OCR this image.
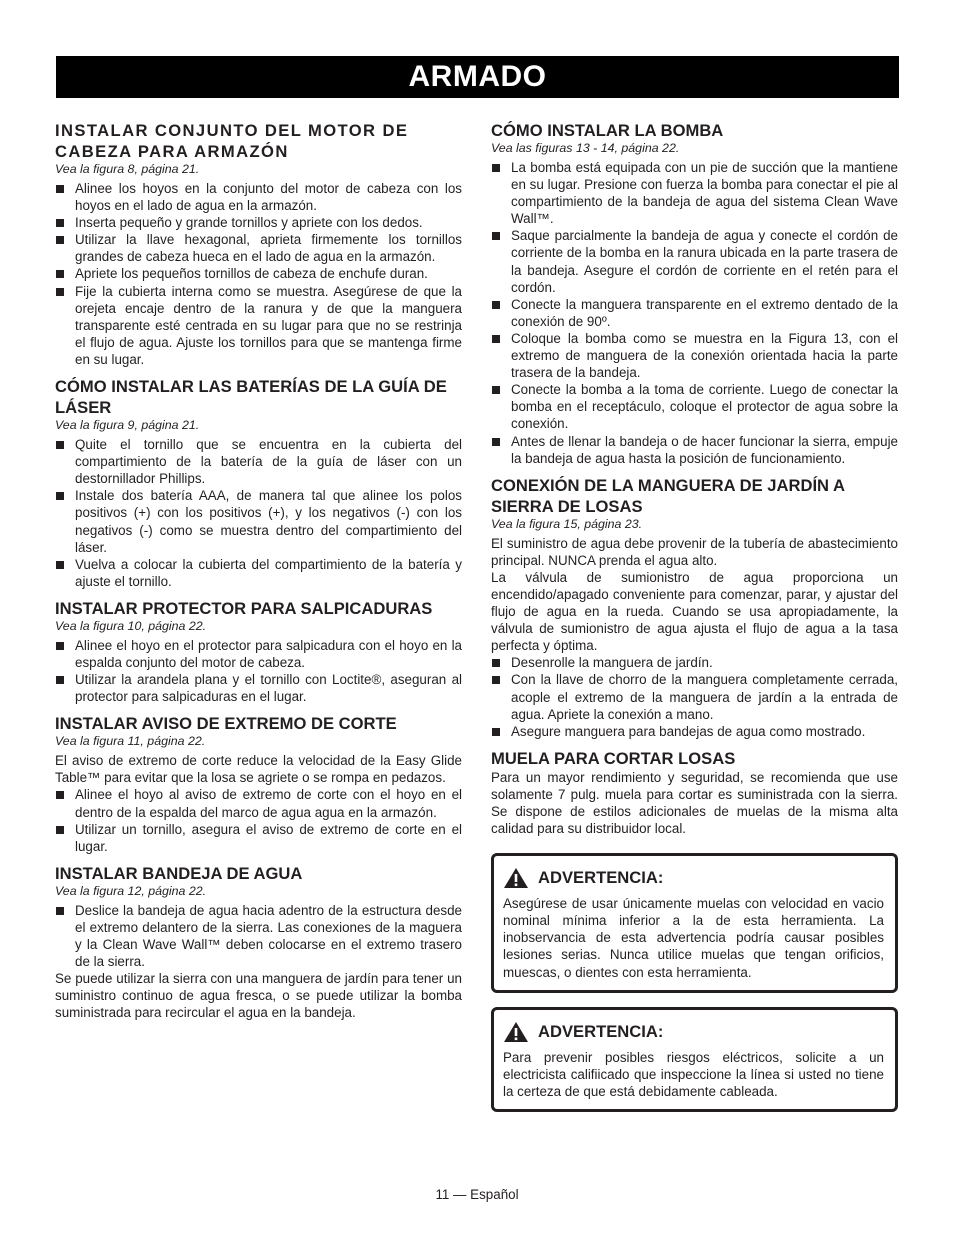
ARMADO
INSTALAR CONJUNTO DEL MOTOR DE CABEZA PARA ARMAZÓN
Vea la figura 8, página 21.
Alinee los hoyos en la conjunto del motor de cabeza con los hoyos en el lado de agua en la armazón.
Inserta pequeño y grande tornillos y apriete con los dedos.
Utilizar la llave hexagonal, aprieta firmemente los tornillos grandes de cabeza hueca en el lado de agua en la armazón.
Apriete los pequeños tornillos de cabeza de enchufe duran.
Fije la cubierta interna como se muestra. Asegúrese de que la orejeta encaje dentro de la ranura y de que la manguera transparente esté centrada en su lugar para que no se restrinja el flujo de agua. Ajuste los tornillos para que se mantenga firme en su lugar.
CÓMO INSTALAR LAS BATERÍAS DE LA GUÍA DE LÁSER
Vea la figura 9, página 21.
Quite el tornillo que se encuentra en la cubierta del compartimiento de la batería de la guía de láser con un destornillador Phillips.
Instale dos batería AAA, de manera tal que alinee los polos positivos (+) con los positivos (+), y los negativos (-) con los negativos (-) como se muestra dentro del compartimiento del láser.
Vuelva a colocar la cubierta del compartimiento de la batería y ajuste el tornillo.
INSTALAR PROTECTOR PARA SALPICADURAS
Vea la figura 10, página 22.
Alinee el hoyo en el protector para salpicadura con el hoyo en la espalda conjunto del motor de cabeza.
Utilizar la arandela plana y el tornillo con Loctite®, aseguran al protector para salpicaduras en el lugar.
INSTALAR AVISO DE EXTREMO DE CORTE
Vea la figura 11, página 22.

El aviso de extremo de corte reduce la velocidad de la Easy Glide Table™ para evitar que la losa se agriete o se rompa en pedazos.

Alinee el hoyo al aviso de extremo de corte con el hoyo en el dentro de la espalda del marco de agua agua en la armazón.
Utilizar un tornillo, asegura el aviso de extremo de corte en el lugar.
INSTALAR BANDEJA DE AGUA
Vea la figura 12, página 22.
Deslice la bandeja de agua hacia adentro de la estructura desde el extremo delantero de la sierra. Las conexiones de la maguera y la Clean Wave Wall™ deben colocarse en el extremo trasero de la sierra.

Se puede utilizar la sierra con una manguera de jardín para tener un suministro continuo de agua fresca, o se puede utilizar la bomba suministrada para recircular el agua en la bandeja.

CÓMO INSTALAR LA BOMBA
Vea las figuras 13 - 14, página 22.
La bomba está equipada con un pie de succión que la mantiene en su lugar. Presione con fuerza la bomba para conectar el pie al compartimiento de la bandeja de agua del sistema Clean Wave Wall™.
Saque parcialmente la bandeja de agua y conecte el cordón de corriente de la bomba en la ranura ubicada en la parte trasera de la bandeja. Asegure el cordón de corriente en el retén para el cordón.
Conecte la manguera transparente en el extremo dentado de la conexión de 90º.
Coloque la bomba como se muestra en la Figura 13, con el extremo de manguera de la conexión orientada hacia la parte trasera de la bandeja.
Conecte la bomba a la toma de corriente. Luego de conectar la bomba en el receptáculo, coloque el protector de agua sobre la conexión.
Antes de llenar la bandeja o de hacer funcionar la sierra, empuje la bandeja de agua hasta la posición de funcionamiento.
CONEXIÓN DE LA MANGUERA DE JARDÍN A SIERRA DE LOSAS
Vea la figura 15, página 23.

El suministro de agua debe provenir de la tubería de abastecimiento principal. NUNCA prenda el agua alto.

La válvula de sumionistro de agua proporciona un encendido/apagado conveniente para comenzar, parar, y ajustar del flujo de agua en la rueda. Cuando se usa apropiadamente, la válvula de sumionistro de agua ajusta el flujo de agua a la tasa perfecta y óptima.

Desenrolle la manguera de jardín.
Con la llave de chorro de la manguera completamente cerrada, acople el extremo de la manguera de jardín a la entrada de agua. Apriete la conexión a mano.
Asegure manguera para bandejas de agua como mostrado.
MUELA PARA CORTAR LOSAS

Para un mayor rendimiento y seguridad, se recomienda que use solamente 7 pulg. muela para cortar es suministrada con la sierra. Se dispone de estilos adicionales de muelas de la misma alta calidad para su distribuidor local.

ADVERTENCIA:

Asegúrese de usar únicamente muelas con velocidad en vacio nominal mínima inferior a la de esta herramienta. La inobservancia de esta advertencia podría causar posibles lesiones serias. Nunca utilice muelas que tengan orificios, muescas, o dientes con esta herramienta.

ADVERTENCIA:

Para prevenir posibles riesgos eléctricos, solicite a un electricista califiicado que inspeccione la línea si usted no tiene la certeza de que está debidamente cableada.

11 — Español
